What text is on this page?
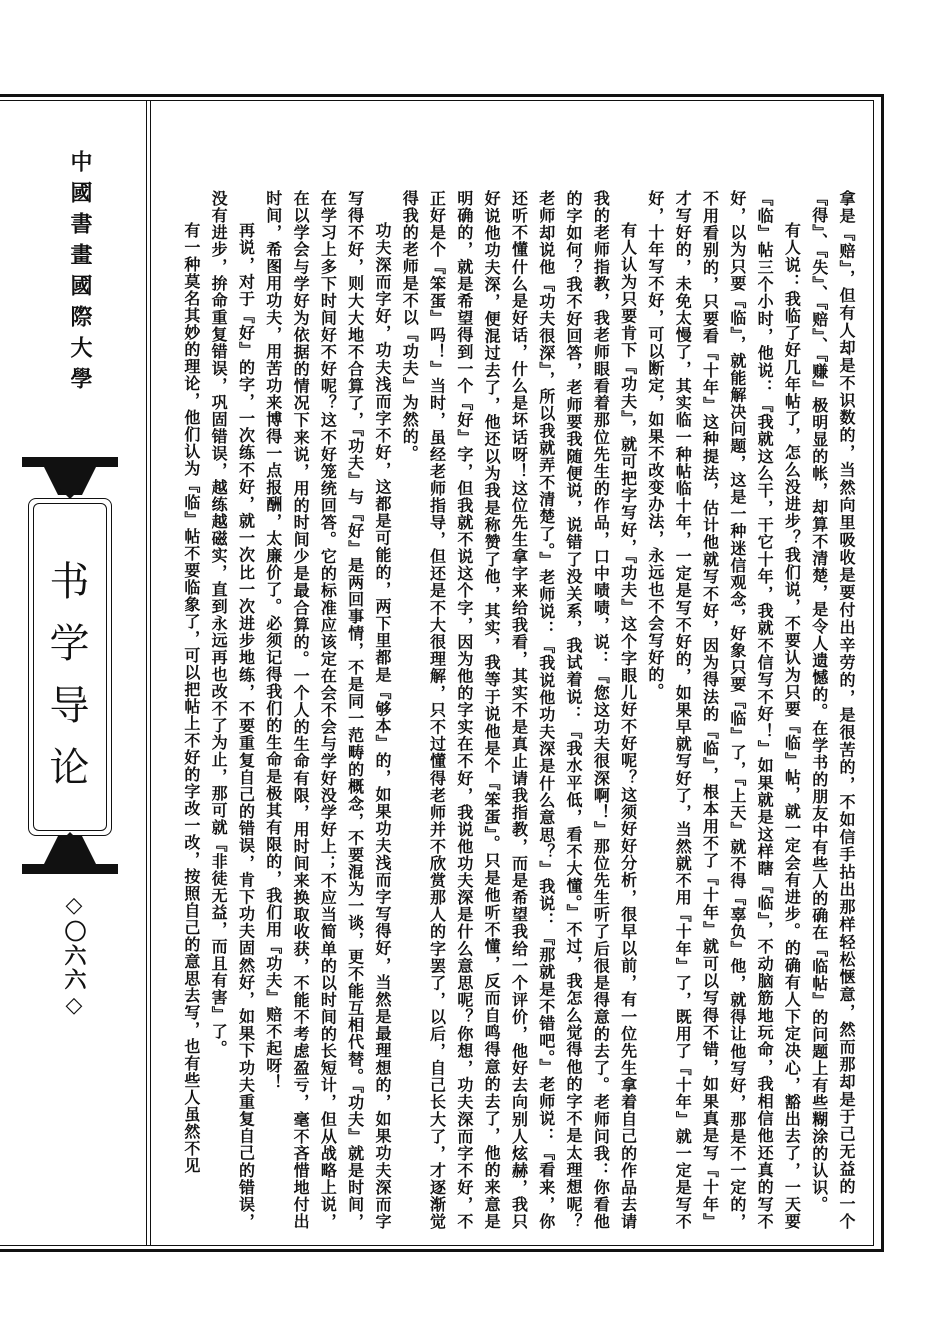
中國書畫國際大學
书学导论
◇〇六六◇	拿是『赔』，但有人却是不识数的，当然向里吸收是要付出辛劳的，是很苦的，不如信手拈出那样轻松惬意，然而那却是于己无益的一个『得』、『失』、『赔』、『赚』极明显的帐，却算不清楚，是令人遗憾的。在学书的朋友中有些人的确在『临帖』的问题上有些糊涂的认识。

有人说：我临了好几年帖了，怎么没进步？我们说，不要认为只要『临』帖，就一定会有进步。的确有人下定决心，豁出去了，一天要『临』帖三个小时，他说：『我就这么干，干它十年，我就不信写不好！』如果就是这样瞎『临』，不动脑筋地玩命，我相信他还真的写不好，以为只要『临』，就能解决问题，这是一种迷信观念，好象只要『临』了，『上天』就不得『辜负』他，就得让他写好，那是不一定的，不用看别的，只要看『十年』这种提法，估计他就写不好，因为得法的『临』，根本用不了『十年』就可以写得不错，如果真是写『十年』才写好的，未免太慢了，其实临一种帖临十年，一定是写不好的，如果早就写好了，当然就不用『十年』了，既用了『十年』就一定是写不好，十年写不好，可以断定，如果不改变办法，永远也不会写好的。

有人认为只要肯下『功夫』，就可把字写好，『功夫』这个字眼儿好不好呢？这须好好分析，很早以前，有一位先生拿着自己的作品去请我的老师指教，我老师眼看着那位先生的作品，口中啧啧，说：『您这功夫很深啊！』那位先生听了后很是得意的去了。老师问我：你看他的字如何？我不好回答，老师要我随便说，说错了没关系，我试着说：『我水平低，看不大懂。』不过，我怎么觉得他的字不是太理想呢？老师却说他『功夫很深』，所以我就弄不清楚了。』老师说：『我说他功夫深是什么意思？』我说：『那就是不错吧。』老师说：『看来，你还听不懂什么是好话，什么是坏话呀！这位先生拿字来给我看，其实不是真止请我指教，而是希望我给一个评价，他好去向别人炫赫，我只好说他功夫深，便混过去了，他还以为我是称赞了他，其实，我等于说他是个『笨蛋』。只是他听不懂，反而自鸣得意的去了，他的来意是明确的，就是希望得到一个『好』字，但我就不说这个字，因为他的字实在不好，我说他功夫深是什么意思呢？你想，功夫深而字不好，不正好是个『笨蛋』吗！』当时，虽经老师指导，但还是不大很理解，只不过懂得老师并不欣赏那人的字罢了，以后，自己长大了，才逐渐觉得我的老师是不以『功夫』为然的。

功夫深而字好，功夫浅而字不好，这都是可能的，两下里都是『够本』的，如果功夫浅而字写得好，当然是最理想的，如果功夫深而字写得不好，则大大地不合算了，『功夫』与『好』是两回事情，不是同一范畴的概念，不要混为一谈，更不能互相代替。『功夫』就是时间，在学习上多下时间好不好呢？这不好笼统回答。它的标准应该定在会不会与学好没学好上；不应当简单的以时间的长短计，但从战略上说，在以学会与学好为依据的情况下来说，用的时间少是最合算的。一个人的生命有限，用时间来换取收获，不能不考虑盈亏，毫不吝惜地付出时间，希图用功夫，用苦功来博得一点报酬，太廉价了。必须记得我们的生命是极其有限的，我们用『功夫』赔不起呀！

再说，对于『好』的字，一次练不好，就一次比一次进步地练，不要重复自己的错误，肯下功夫固然好，如果下功夫重复自己的错误，没有进步，拚命重复错误，巩固错误，越练越磁实，直到永远再也改不了为止，那可就『非徒无益，而且有害』了。

有一种莫名其妙的理论，他们认为『临』帖不要临象了，可以把帖上不好的字改一改，按照自己的意思去写，也有些人虽然不见
